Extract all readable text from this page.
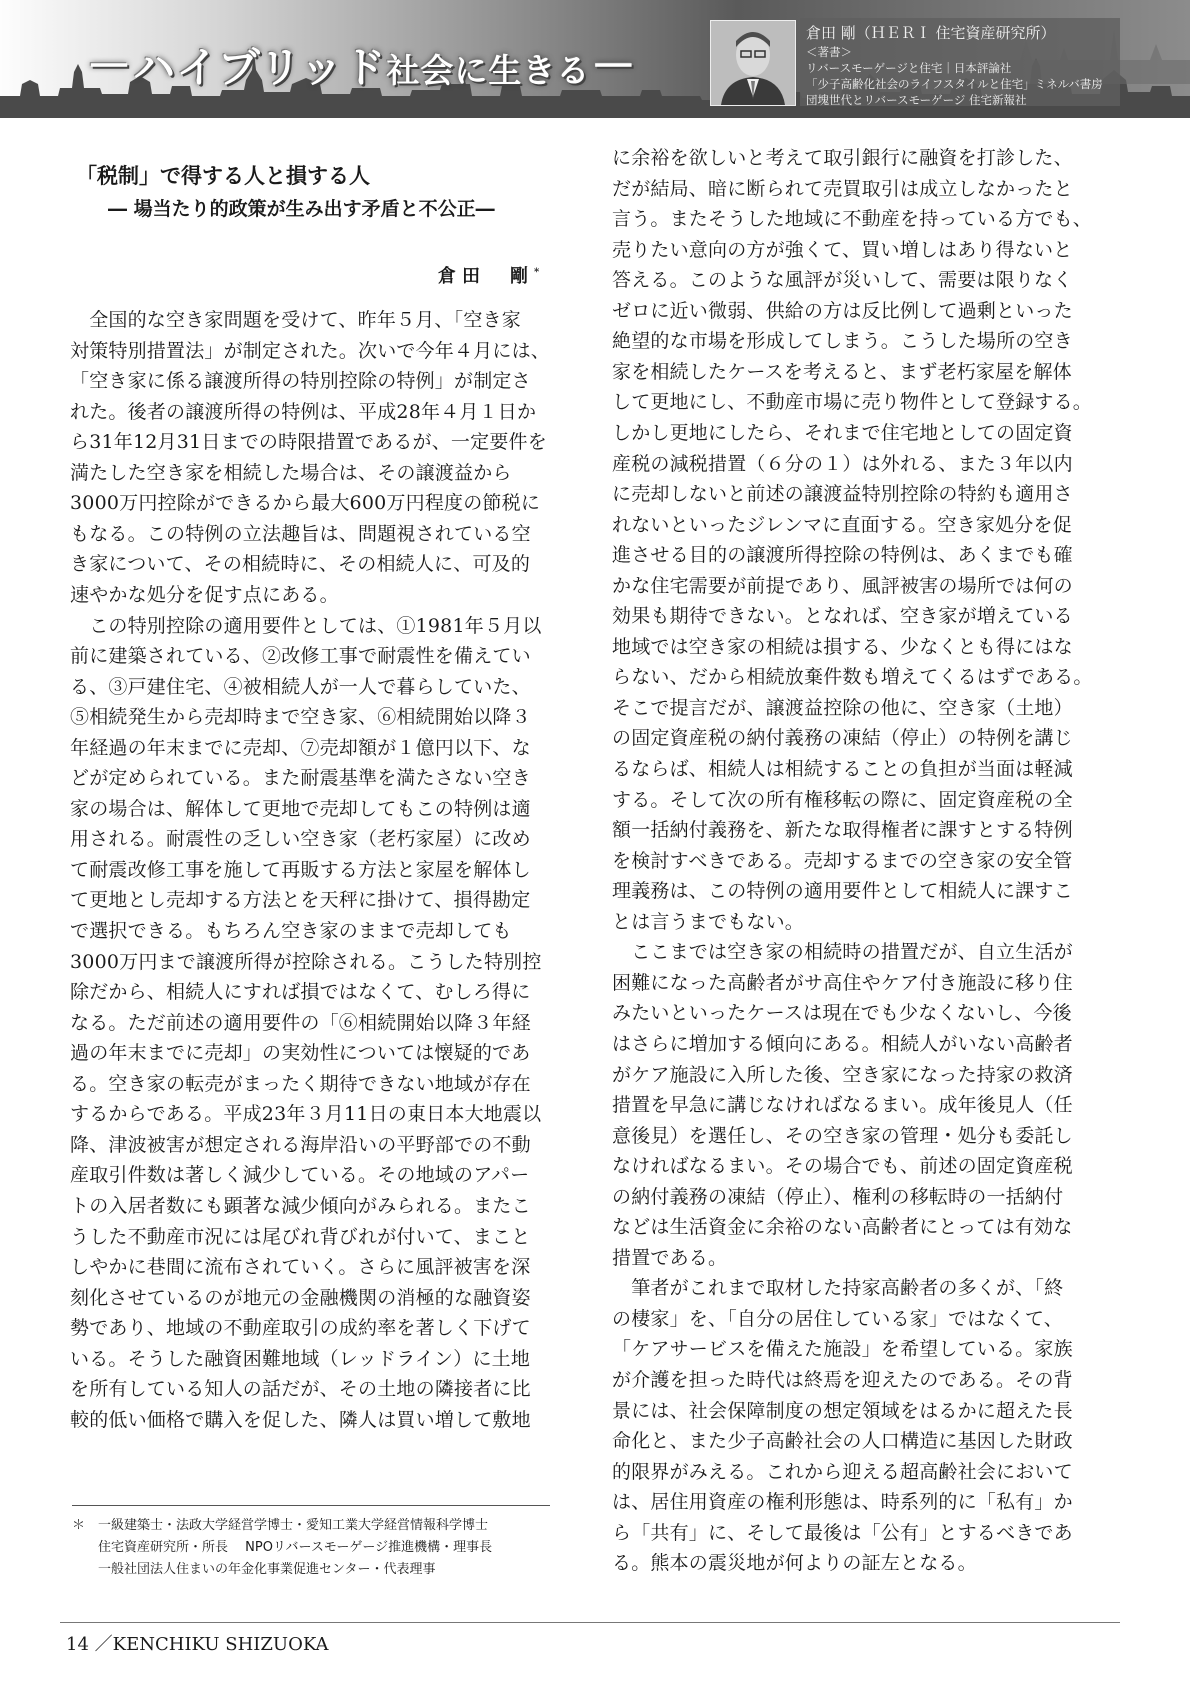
－ハイブリッド社会に生きる－
倉田 剛（ＨＥＲＩ 住宅資産研究所）
＜著書＞
リバースモーゲージと住宅｜日本評論社
「少子高齢化社会のライフスタイルと住宅」ミネルバ書房
団塊世代とリバースモーゲージ 住宅新報社
「税制」で得する人と損する人
― 場当たり的政策が生み出す矛盾と不公正―
倉田　剛*
　全国的な空き家問題を受けて、昨年５月、「空き家
対策特別措置法」が制定された。次いで今年４月には、
「空き家に係る譲渡所得の特別控除の特例」が制定さ
れた。後者の譲渡所得の特例は、平成28年４月１日か
ら31年12月31日までの時限措置であるが、一定要件を
満たした空き家を相続した場合は、その譲渡益から
3000万円控除ができるから最大600万円程度の節税に
もなる。この特例の立法趣旨は、問題視されている空
き家について、その相続時に、その相続人に、可及的
速やかな処分を促す点にある。
　この特別控除の適用要件としては、①1981年５月以
前に建築されている、②改修工事で耐震性を備えてい
る、③戸建住宅、④被相続人が一人で暮らしていた、
⑤相続発生から売却時まで空き家、⑥相続開始以降３
年経過の年末までに売却、⑦売却額が１億円以下、な
どが定められている。また耐震基準を満たさない空き
家の場合は、解体して更地で売却してもこの特例は適
用される。耐震性の乏しい空き家（老朽家屋）に改め
て耐震改修工事を施して再販する方法と家屋を解体し
て更地とし売却する方法とを天秤に掛けて、損得勘定
で選択できる。もちろん空き家のままで売却しても
3000万円まで譲渡所得が控除される。こうした特別控
除だから、相続人にすれば損ではなくて、むしろ得に
なる。ただ前述の適用要件の「⑥相続開始以降３年経
過の年末までに売却」の実効性については懐疑的であ
る。空き家の転売がまったく期待できない地域が存在
するからである。平成23年３月11日の東日本大地震以
降、津波被害が想定される海岸沿いの平野部での不動
産取引件数は著しく減少している。その地域のアパー
トの入居者数にも顕著な減少傾向がみられる。またこ
うした不動産市況には尾びれ背びれが付いて、まこと
しやかに巷間に流布されていく。さらに風評被害を深
刻化させているのが地元の金融機関の消極的な融資姿
勢であり、地域の不動産取引の成約率を著しく下げて
いる。そうした融資困難地域（レッドライン）に土地
を所有している知人の話だが、その土地の隣接者に比
較的低い価格で購入を促した、隣人は買い増して敷地
に余裕を欲しいと考えて取引銀行に融資を打診した、
だが結局、暗に断られて売買取引は成立しなかったと
言う。またそうした地域に不動産を持っている方でも、
売りたい意向の方が強くて、買い増しはあり得ないと
答える。このような風評が災いして、需要は限りなく
ゼロに近い微弱、供給の方は反比例して過剰といった
絶望的な市場を形成してしまう。こうした場所の空き
家を相続したケースを考えると、まず老朽家屋を解体
して更地にし、不動産市場に売り物件として登録する。
しかし更地にしたら、それまで住宅地としての固定資
産税の減税措置（６分の１）は外れる、また３年以内
に売却しないと前述の譲渡益特別控除の特約も適用さ
れないといったジレンマに直面する。空き家処分を促
進させる目的の譲渡所得控除の特例は、あくまでも確
かな住宅需要が前提であり、風評被害の場所では何の
効果も期待できない。となれば、空き家が増えている
地域では空き家の相続は損する、少なくとも得にはな
らない、だから相続放棄件数も増えてくるはずである。
そこで提言だが、譲渡益控除の他に、空き家（土地）
の固定資産税の納付義務の凍結（停止）の特例を講じ
るならば、相続人は相続することの負担が当面は軽減
する。そして次の所有権移転の際に、固定資産税の全
額一括納付義務を、新たな取得権者に課すとする特例
を検討すべきである。売却するまでの空き家の安全管
理義務は、この特例の適用要件として相続人に課すこ
とは言うまでもない。
　ここまでは空き家の相続時の措置だが、自立生活が
困難になった高齢者がサ高住やケア付き施設に移り住
みたいといったケースは現在でも少なくないし、今後
はさらに増加する傾向にある。相続人がいない高齢者
がケア施設に入所した後、空き家になった持家の救済
措置を早急に講じなければなるまい。成年後見人（任
意後見）を選任し、その空き家の管理・処分も委託し
なければなるまい。その場合でも、前述の固定資産税
の納付義務の凍結（停止）、権利の移転時の一括納付
などは生活資金に余裕のない高齢者にとっては有効な
措置である。
　筆者がこれまで取材した持家高齢者の多くが、「終
の棲家」を、「自分の居住している家」ではなくて、
「ケアサービスを備えた施設」を希望している。家族
が介護を担った時代は終焉を迎えたのである。その背
景には、社会保障制度の想定領域をはるかに超えた長
命化と、また少子高齢社会の人口構造に基因した財政
的限界がみえる。これから迎える超高齢社会において
は、居住用資産の権利形態は、時系列的に「私有」か
ら「共有」に、そして最後は「公有」とするべきであ
る。熊本の震災地が何よりの証左となる。
＊　一級建築士・法政大学経営学博士・愛知工業大学経営情報科学博士
　　住宅資産研究所・所長　 NPOリバースモーゲージ推進機構・理事長
　　一般社団法人住まいの年金化事業促進センター・代表理事
14 ／KENCHIKU SHIZUOKA
